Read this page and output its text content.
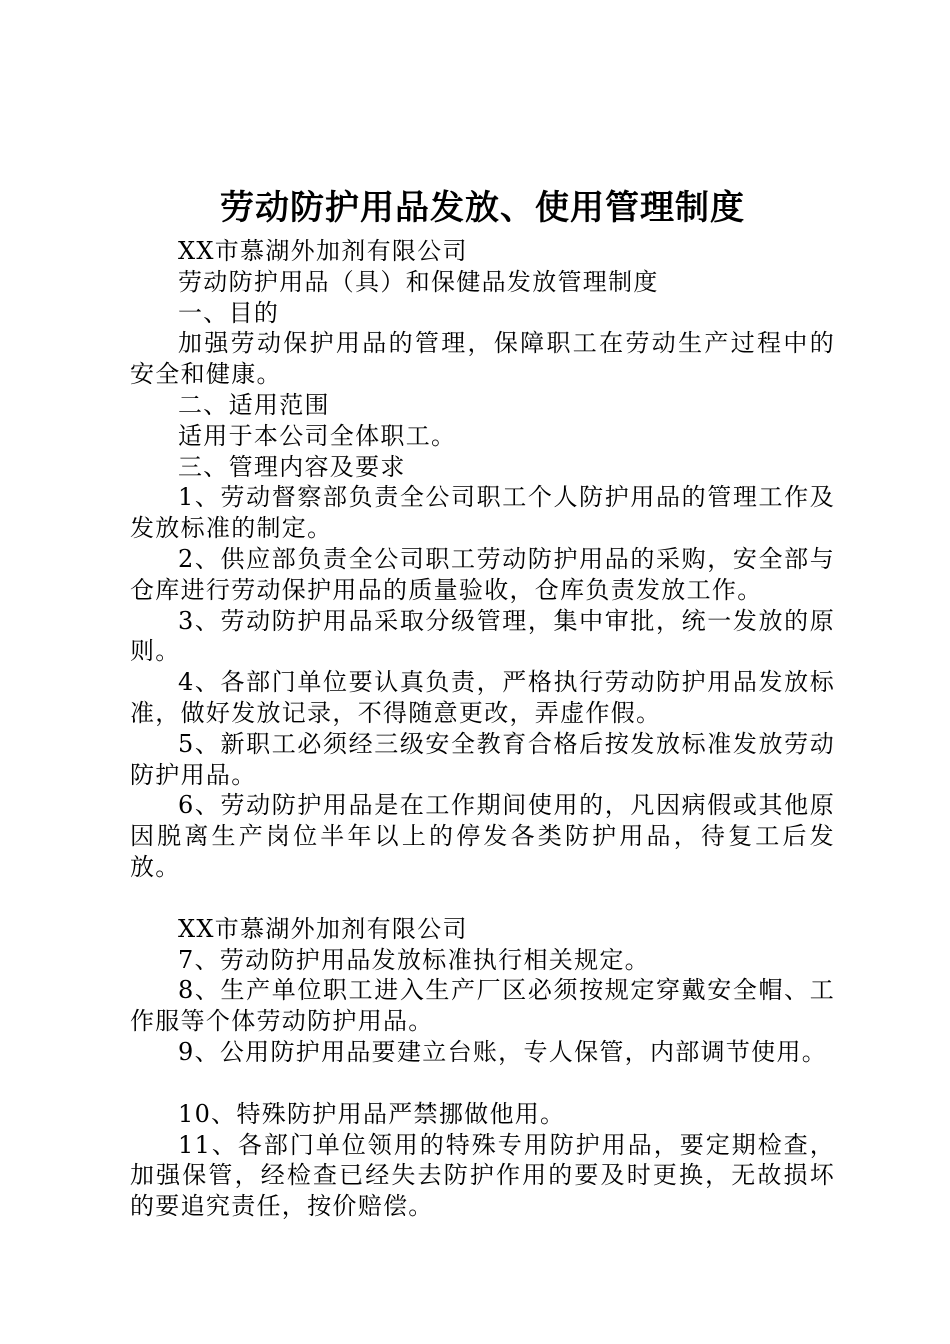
劳动防护用品发放、使用管理制度

XX市慕湖外加剂有限公司

劳动防护用品（具）和保健品发放管理制度

一、目的

加强劳动保护用品的管理，保障职工在劳动生产过程中的安全和健康。

二、适用范围

适用于本公司全体职工。

三、管理内容及要求

1、劳动督察部负责全公司职工个人防护用品的管理工作及发放标准的制定。

2、供应部负责全公司职工劳动防护用品的采购，安全部与仓库进行劳动保护用品的质量验收，仓库负责发放工作。

3、劳动防护用品采取分级管理，集中审批，统一发放的原则。

4、各部门单位要认真负责，严格执行劳动防护用品发放标准，做好发放记录，不得随意更改，弄虚作假。

5、新职工必须经三级安全教育合格后按发放标准发放劳动防护用品。

6、劳动防护用品是在工作期间使用的，凡因病假或其他原因脱离生产岗位半年以上的停发各类防护用品，待复工后发放。

XX市慕湖外加剂有限公司

7、劳动防护用品发放标准执行相关规定。

8、生产单位职工进入生产厂区必须按规定穿戴安全帽、工作服等个体劳动防护用品。

9、公用防护用品要建立台账，专人保管，内部调节使用。

10、特殊防护用品严禁挪做他用。

11、各部门单位领用的特殊专用防护用品，要定期检查，加强保管，经检查已经失去防护作用的要及时更换，无故损坏的要追究责任，按价赔偿。
